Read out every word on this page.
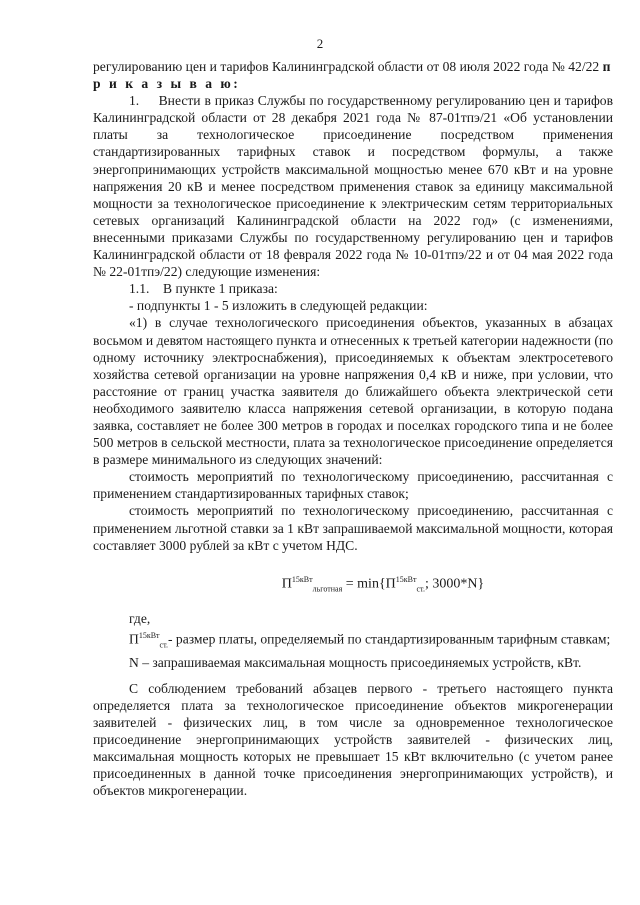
2

регулированию цен и тарифов Калининградской области от 08 июля 2022 года № 42/22 п р и к а з ы в а ю:

1.     Внести в приказ Службы по государственному регулированию цен и тарифов Калининградской области от 28 декабря 2021 года № 87-01тпэ/21 «Об установлении платы за технологическое присоединение посредством применения стандартизированных тарифных ставок и посредством формулы, а также энергопринимающих устройств максимальной мощностью менее 670 кВт и на уровне напряжения 20 кВ и менее посредством применения ставок за единицу максимальной мощности за технологическое присоединение к электрическим сетям территориальных сетевых организаций Калининградской области на 2022 год» (с изменениями, внесенными приказами Службы по государственному регулированию цен и тарифов Калининградской области от 18 февраля 2022 года № 10-01тпэ/22 и от 04 мая 2022 года № 22-01тпэ/22) следующие изменения:

1.1.    В пункте 1 приказа:

- подпункты 1 - 5 изложить в следующей редакции:

«1) в случае технологического присоединения объектов, указанных в абзацах восьмом и девятом настоящего пункта и отнесенных к третьей категории надежности (по одному источнику электроснабжения), присоединяемых к объектам электросетевого хозяйства сетевой организации на уровне напряжения 0,4 кВ и ниже, при условии, что расстояние от границ участка заявителя до ближайшего объекта электрической сети необходимого заявителю класса напряжения сетевой организации, в которую подана заявка, составляет не более 300 метров в городах и поселках городского типа и не более 500 метров в сельской местности, плата за технологическое присоединение определяется в размере минимального из следующих значений:

стоимость мероприятий по технологическому присоединению, рассчитанная с применением стандартизированных тарифных ставок;

стоимость мероприятий по технологическому присоединению, рассчитанная с применением льготной ставки за 1 кВт запрашиваемой максимальной мощности, которая составляет 3000 рублей за кВт с учетом НДС.

$П^{15кВт}_{льготная} = \min\{П^{15кВт}_{ст.}$; 3000*N}

где,

$П^{15кВт}_{ст.}-$ размер платы, определяемый по стандартизированным тарифным ставкам;

N – запрашиваемая максимальная мощность присоединяемых устройств, кВт.

С соблюдением требований абзацев первого - третьего настоящего пункта определяется плата за технологическое присоединение объектов микрогенерации заявителей - физических лиц, в том числе за одновременное технологическое присоединение энергопринимающих устройств заявителей - физических лиц, максимальная мощность которых не превышает 15 кВт включительно (с учетом ранее присоединенных в данной точке присоединения энергопринимающих устройств), и объектов микрогенерации.
